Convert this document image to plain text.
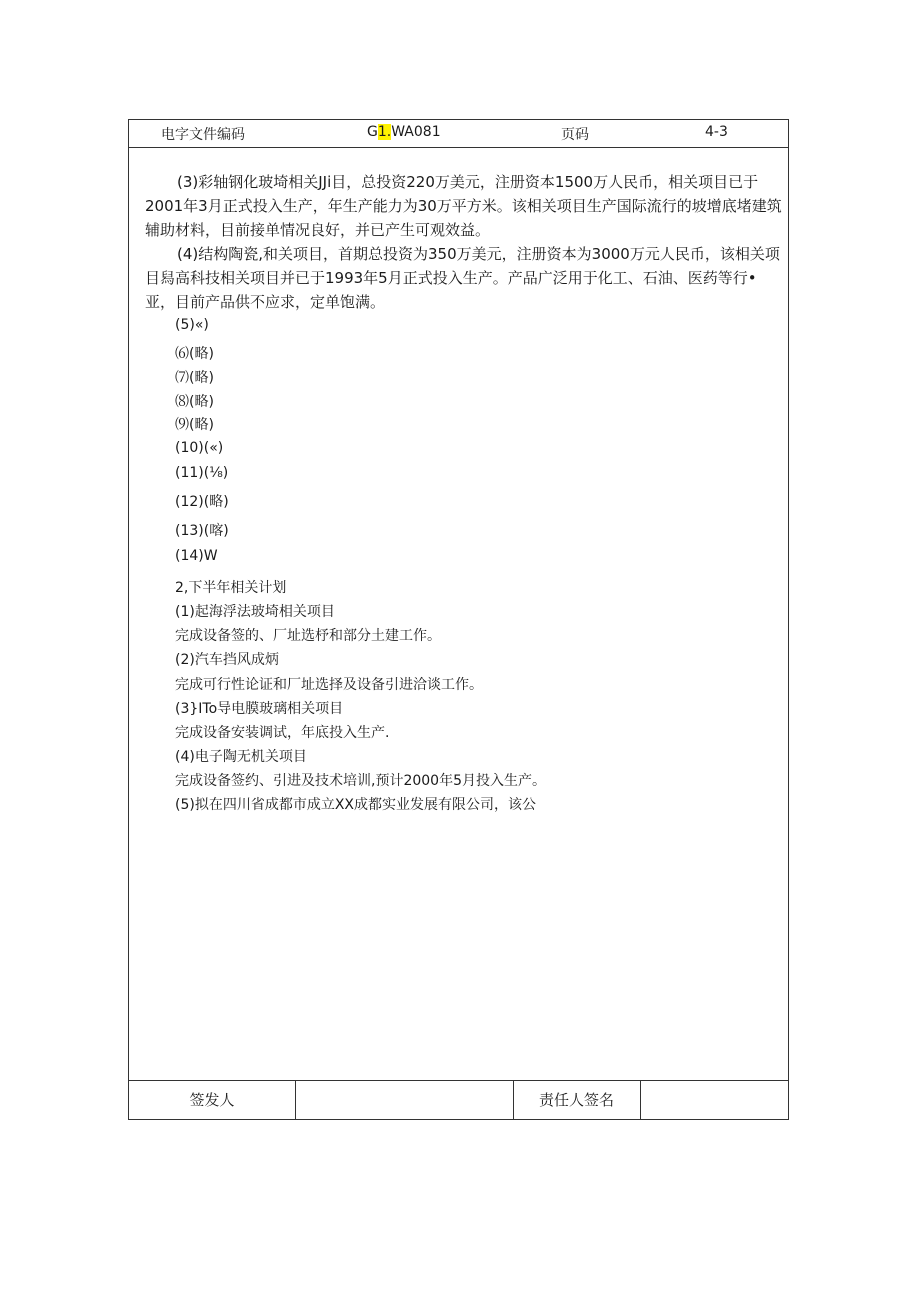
电字文件编码	G1.WA081	页码	4-3

(3)彩轴钢化玻埼相关JJi目，总投资220万美元，注册资本1500万人民币，相关项目已于2001年3月正式投入生产，年生产能力为30万平方米。该相关项目生产国际流行的坡增底堵建筑辅助材料，目前接单情况良好，并已产生可观效益。

(4)结构陶瓷,和关项目，首期总投资为350万美元，注册资本为3000万元人民币，该相关项目舄高科技相关项目并已于1993年5月正式投入生产。产品广泛用于化工、石油、医药等行•亚，目前产品供不应求，定单饱满。

(5)«)
⑹(略)
⑺(略)
⑻(略)
⑼(略)
(10)(«)
(11)(⅛)
(12)(略)
(13)(喀)
(14)W
2,下半年相关计划
(1)起海浮法玻埼相关项目
完成设备签的、厂址选杼和部分土建工作。
(2)汽车挡风成炳
完成可行性论证和厂址选择及设备引进洽谈工作。
(3}ITo导电膜玻璃相关项目
完成设备安装调试，年底投入生产.
(4)电子陶无机关项目
完成设备签约、引进及技术培训,预计2000年5月投入生产。
(5)拟在四川省成都市成立XX成都实业发展有限公司，该公
签发人	责任人签名
